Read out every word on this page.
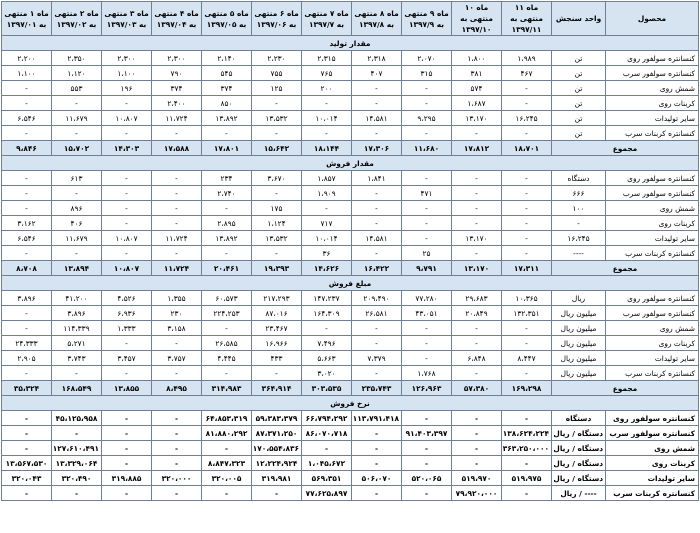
محصول	واحد سنجش	ماه ۱۱ منتهی به ۱۳۹۷/۱۱	ماه ۱۰ منتهی به ۱۳۹۷/۱۰	ماه ۹ منتهی به ۱۳۹۷/۹	ماه ۸ منتهی به ۱۳۹۷/۸	ماه ۷ منتهی به ۱۳۹۷/۷	ماه ۶ منتهی به ۱۳۹۷/۰۶	ماه ۵ منتهی به ۱۳۹۷/۰۵	ماه ۴ منتهی به ۱۳۹۷/۰۴	ماه ۳ منتهی به ۱۳۹۷/۰۳	ماه ۲ منتهی به ۱۳۹۷/۰۲	ماه ۱ منتهی به ۱۳۹۷/۰۱
مقدار تولید												
کنسانتره سولفور روی	تن	۱،۹۸۹	۱،۸۰۰	۲،۰۷۰	۲،۳۱۸	۲،۳۱۵	۲،۲۳۰	۲،۱۴۰	۲،۳۰۰	۲،۳۰۰	۲،۳۵۰	۲،۲۰۰
کنسانتره سولفور سرب	تن	۴۶۷	۳۸۱	۳۱۵	۴۰۷	۷۶۵	۷۵۵	۵۴۵	۷۹۰	۱،۱۰۰	۱،۱۲۰	۱،۱۰۰
شمش روی	تن	-	۵۷۴	-	-	۲۰۰	۱۲۵	۳۷۴	۳۷۴	۱۹۶	۵۵۳	-
کربنات روی	تن	-	۱،۶۸۷	-	-	-	-	۸۵۰	۲،۴۰۰	-	-	-
سایر تولیدات	تن	۱۶،۲۴۵	۱۳،۱۷۰	۹،۲۹۵	۱۴،۵۸۱	۱۰،۰۱۴	۱۳،۵۳۲	۱۳،۸۹۲	۱۱،۷۲۴	۱۰،۸۰۷	۱۱،۶۷۹	۶،۵۴۶
کنسانتره کربنات سرب	تن	-	-	-	-	-	-	-	-	-	-	-
مجموع		۱۸،۷۰۱	۱۷،۸۱۲	۱۱،۶۸۰	۱۷،۳۰۶	۱۸،۱۴۴	۱۵،۶۴۲	۱۷،۸۰۱	۱۷،۵۸۸	۱۴،۳۰۳	۱۵،۷۰۲	۹،۸۴۶
مقدار فروش												
کنسانتره سولفور روی	دستگاه	-	-	-	۱،۸۴۱	۱،۸۵۷	۳،۶۷۰	۲۳۴	-	-	۶۱۳	-
کنسانتره سولفور سرب	۶۶۶	-	-	۴۷۱	-	۱،۹۰۹	-	۲،۷۴۰	-	-	-	-
شمش روی	۱۰۰	-	-	-	-	-	۱۷۵	-	-	-	۸۹۶	-
کربنات روی	-	-	-	-	-	۷۱۷	۱،۱۲۴	۲،۸۹۵	-	-	۴۰۶	۳،۱۶۲
سایر تولیدات	۱۶،۲۴۵	-	۱۳،۱۷۰	-	۱۴،۵۸۱	۱۰،۰۱۴	۱۳،۵۳۲	۱۳،۸۹۲	۱۱،۷۲۴	۱۰،۸۰۷	۱۱،۶۷۹	۶،۵۴۶
کنسانتره کربنات سرب	----	-	-	۲۵	-	۳۶	-	-	-	-	-	-
مجموع		۱۷،۳۱۱	۱۳،۱۷۰	۹،۷۹۱	۱۶،۴۲۲	۱۴،۶۲۶	۱۹،۳۹۳	۲۰،۴۶۱	۱۱،۷۲۴	۱۰،۸۰۷	۱۳،۸۹۴	۸،۷۰۸
مبلغ فروش												
کنسانتره سولفور روی	ریال	۱۰،۳۶۵	۲۹،۶۸۳	۷۷،۲۸۰	۲۰۹،۴۹۰	۱۴۷،۲۳۷	۲۱۷،۲۹۳	۶۰،۵۷۳	۱،۳۵۵	۴،۵۲۶	۴۱،۲۰۰	۳،۸۹۶
کنسانتره سولفور سرب	میلیون ریال	۱۳۲،۳۵۱	۲۰،۸۴۹	۴۳،۰۵۱	۲۶،۵۸۱	۱۶۴،۳۰۹	۸۷،۰۱۶	۲۲۴،۲۵۳	۲۳۰	۶،۹۳۶	۳،۸۹۶	-
شمش روی	میلیون ریال	-	-	-	-	-	۲۳،۴۶۷	-	۳،۱۵۸	۱،۳۳۳	۱۱۴،۳۳۹	-
کربنات روی	میلیون ریال	-	-	-	-	۷،۴۹۶	۱۶،۹۶۶	۲۶،۵۸۵	-	-	۵،۲۷۱	۲۴،۳۳۳
سایر تولیدات	میلیون ریال	۸،۴۴۷	۶،۸۴۸	-	۷،۳۷۹	۵،۶۶۳	۴۳۳	۴،۴۴۵	۳،۷۵۷	۳،۴۵۷	۳،۷۴۳	۲،۹۰۵
کنسانتره کربنات سرب	میلیون ریال	-	-	۱،۷۶۸	-	۳،۰۲۰	-	-	-	-	-	-
مجموع		۱۶۹،۲۹۸	۵۷،۳۸۰	۱۲۶،۹۶۳	۲۳۵،۷۴۳	۳۰۳،۵۳۵	۳۶۴،۹۱۴	۳۱۴،۹۸۳	۸،۴۹۵	۱۳،۸۵۵	۱۶۸،۵۴۹	۳۵،۳۲۴
نرخ فروش												
کنسانتره سولفور روی	دستگاه	-	-	-	۱۱۳،۷۹۱،۴۱۸	۶۶،۷۹۴،۲۹۲	۵۹،۳۸۳،۳۷۹	۶۴،۸۵۳،۳۱۹	-	-	۴۵،۱۲۵،۹۵۸	-
کنسانتره سولفور سرب	دستگاه / ریال	۱۳۸،۶۲۴،۲۲۴	-	۹۱،۴۰۳،۳۹۷	-	۸۶،۰۷۰،۷۱۸	۸۷،۳۷۱،۲۵۰	۸۱،۸۸۰،۲۹۲	-	-	-	-
شمش روی	دستگاه / ریال	۳۶۳،۲۵۰،۰۰۰	-	-	-	-	۱۷۰،۵۵۴،۸۳۶	-	-	-	۱۲۷،۶۱۰،۴۹۱	-
کربنات روی	دستگاه / ریال	-	-	-	-	۱،۰۴۵،۶۷۲	۱۲،۲۲۴،۹۲۴	۸،۸۴۷،۳۲۳	-	-	۱۳،۳۲۹،۰۶۴	۱۳،۵۶۷،۵۳۰
سایر تولیدات	دستگاه / ریال	۵۱۹،۹۷۵	۵۱۹،۹۷۰	۵۲۰،۰۶۵	۵۰۶،۰۷۰	۵۶۹،۳۵۱	۳۱۹،۹۸۱	۳۲۰،۰۰۵	۳۲۰،۰۰۰	۳۱۹،۸۸۵	۳۲۰،۴۹۰	۳۲۰،۰۴۳
کنسانتره کربنات سرب	---- / ریال	-	۷۹،۹۲۰،۰۰۰	-	-	۷۷،۶۲۵،۸۹۷	-	-	-	-	-	-
